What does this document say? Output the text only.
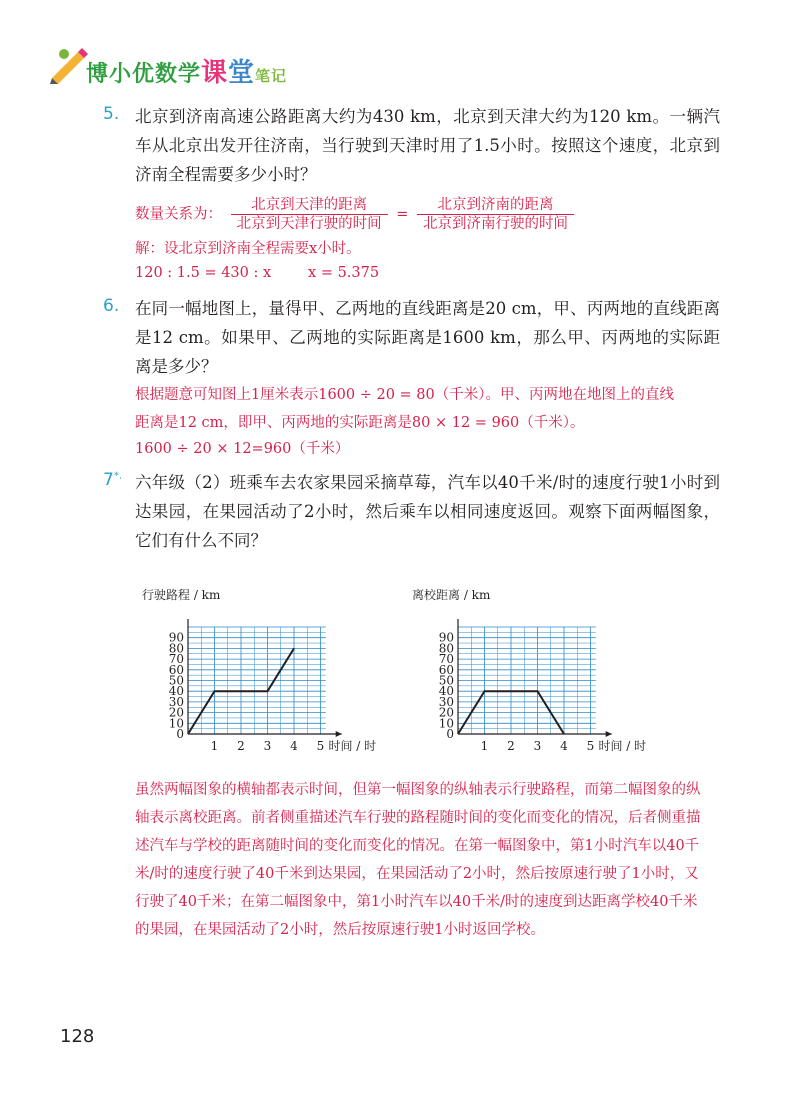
博小优数学课堂笔记
5. 北京到济南高速公路距离大约为430 km，北京到天津大约为120 km。一辆汽车从北京出发开往济南，当行驶到天津时用了1.5小时。按照这个速度，北京到济南全程需要多少小时？
数量关系为： $\frac{\text{北京到天津的距离}}{\text{北京到天津行驶的时间}} = \frac{\text{北京到济南的距离}}{\text{北京到济南行驶的时间}}$
解：设北京到济南全程需要x小时。
120 : 1.5 = 430 : x        x = 5.375
6. 在同一幅地图上，量得甲、乙两地的直线距离是20 cm，甲、丙两地的直线距离是12 cm。如果甲、乙两地的实际距离是1600 km，那么甲、丙两地的实际距离是多少？
根据题意可知图上1厘米表示1600 ÷ 20 = 80（千米）。甲、丙两地在地图上的直线
距离是12 cm，即甲、丙两地的实际距离是80 × 12 = 960（千米）。
1600 ÷ 20 × 12=960（千米）
7*. 六年级（2）班乘车去农家果园采摘草莓，汽车以40千米/时的速度行驶1小时到达果园，在果园活动了2小时，然后乘车以相同速度返回。观察下面两幅图象，它们有什么不同？
行驶路程 / km
10
20
30
40
50
60
70
80
90
1 2 3 4 5
0
时间 / 时
离校距离 / km
10
20
30
40
50
60
70
80
90
1 2 3 4 5
0
时间 / 时
虽然两幅图象的横轴都表示时间，但第一幅图象的纵轴表示行驶路程，而第二幅图象的纵轴表示离校距离。前者侧重描述汽车行驶的路程随时间的变化而变化的情况，后者侧重描述汽车与学校的距离随时间的变化而变化的情况。在第一幅图象中，第1小时汽车以40千米/时的速度行驶了40千米到达果园，在果园活动了2小时，然后按原速行驶了1小时，又行驶了40千米；在第二幅图象中，第1小时汽车以40千米/时的速度到达距离学校40千米的果园，在果园活动了2小时，然后按原速行驶1小时返回学校。
128
